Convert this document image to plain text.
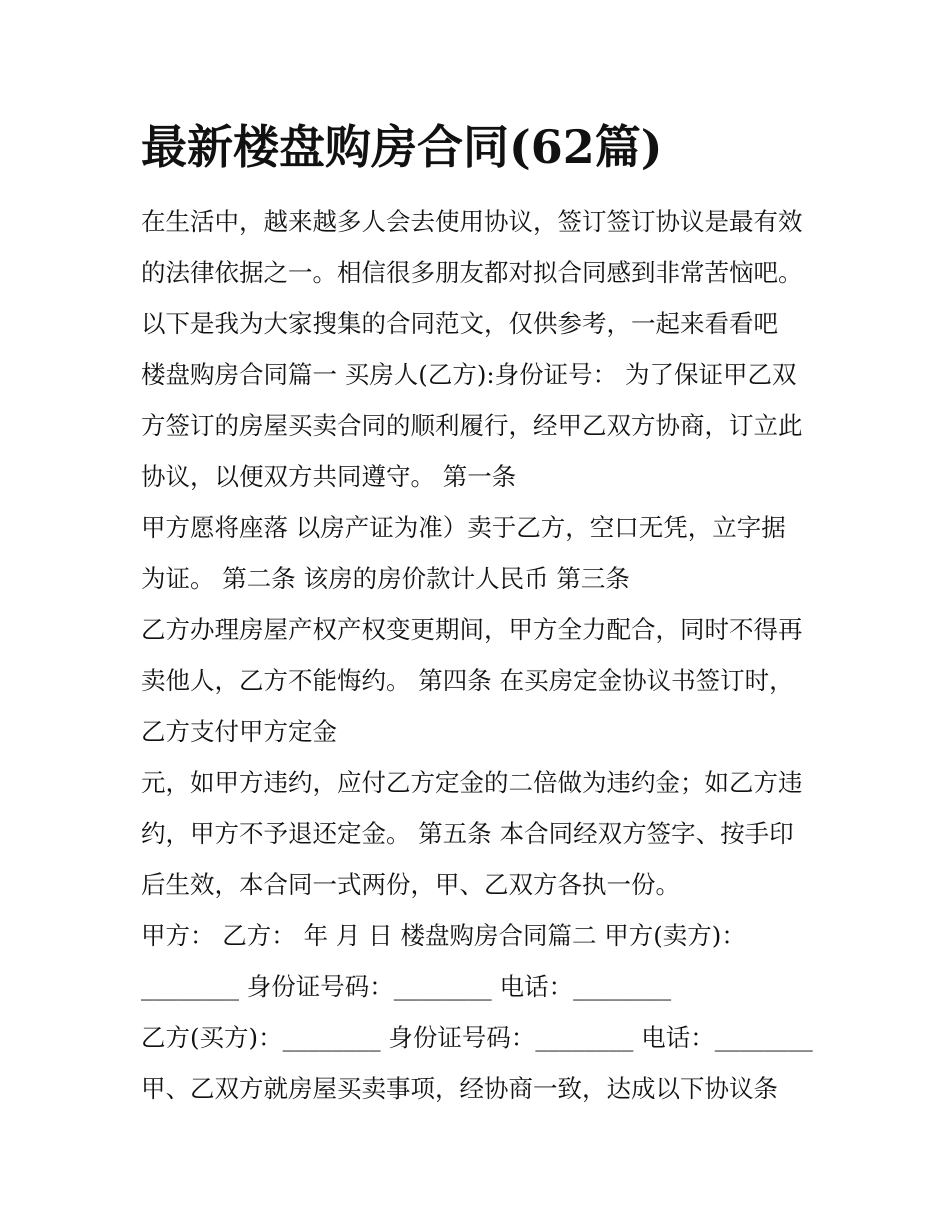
最新楼盘购房合同(62篇)
在生活中，越来越多人会去使用协议，签订签订协议是最有效
的法律依据之一。相信很多朋友都对拟合同感到非常苦恼吧。
以下是我为大家搜集的合同范文，仅供参考，一起来看看吧
楼盘购房合同篇一 买房人(乙方):身份证号： 为了保证甲乙双
方签订的房屋买卖合同的顺利履行，经甲乙双方协商，订立此
协议，以便双方共同遵守。 第一条
甲方愿将座落 以房产证为准）卖于乙方，空口无凭，立字据
为证。 第二条 该房的房价款计人民币 第三条
乙方办理房屋产权产权变更期间，甲方全力配合，同时不得再
卖他人，乙方不能悔约。 第四条 在买房定金协议书签订时，
乙方支付甲方定金
元，如甲方违约，应付乙方定金的二倍做为违约金；如乙方违
约，甲方不予退还定金。 第五条 本合同经双方签字、按手印
后生效，本合同一式两份，甲、乙双方各执一份。
甲方： 乙方： 年 月 日 楼盘购房合同篇二 甲方(卖方)：
________ 身份证号码：________ 电话：________
乙方(买方)：________ 身份证号码：________ 电话：________
甲、乙双方就房屋买卖事项，经协商一致，达成以下协议条
